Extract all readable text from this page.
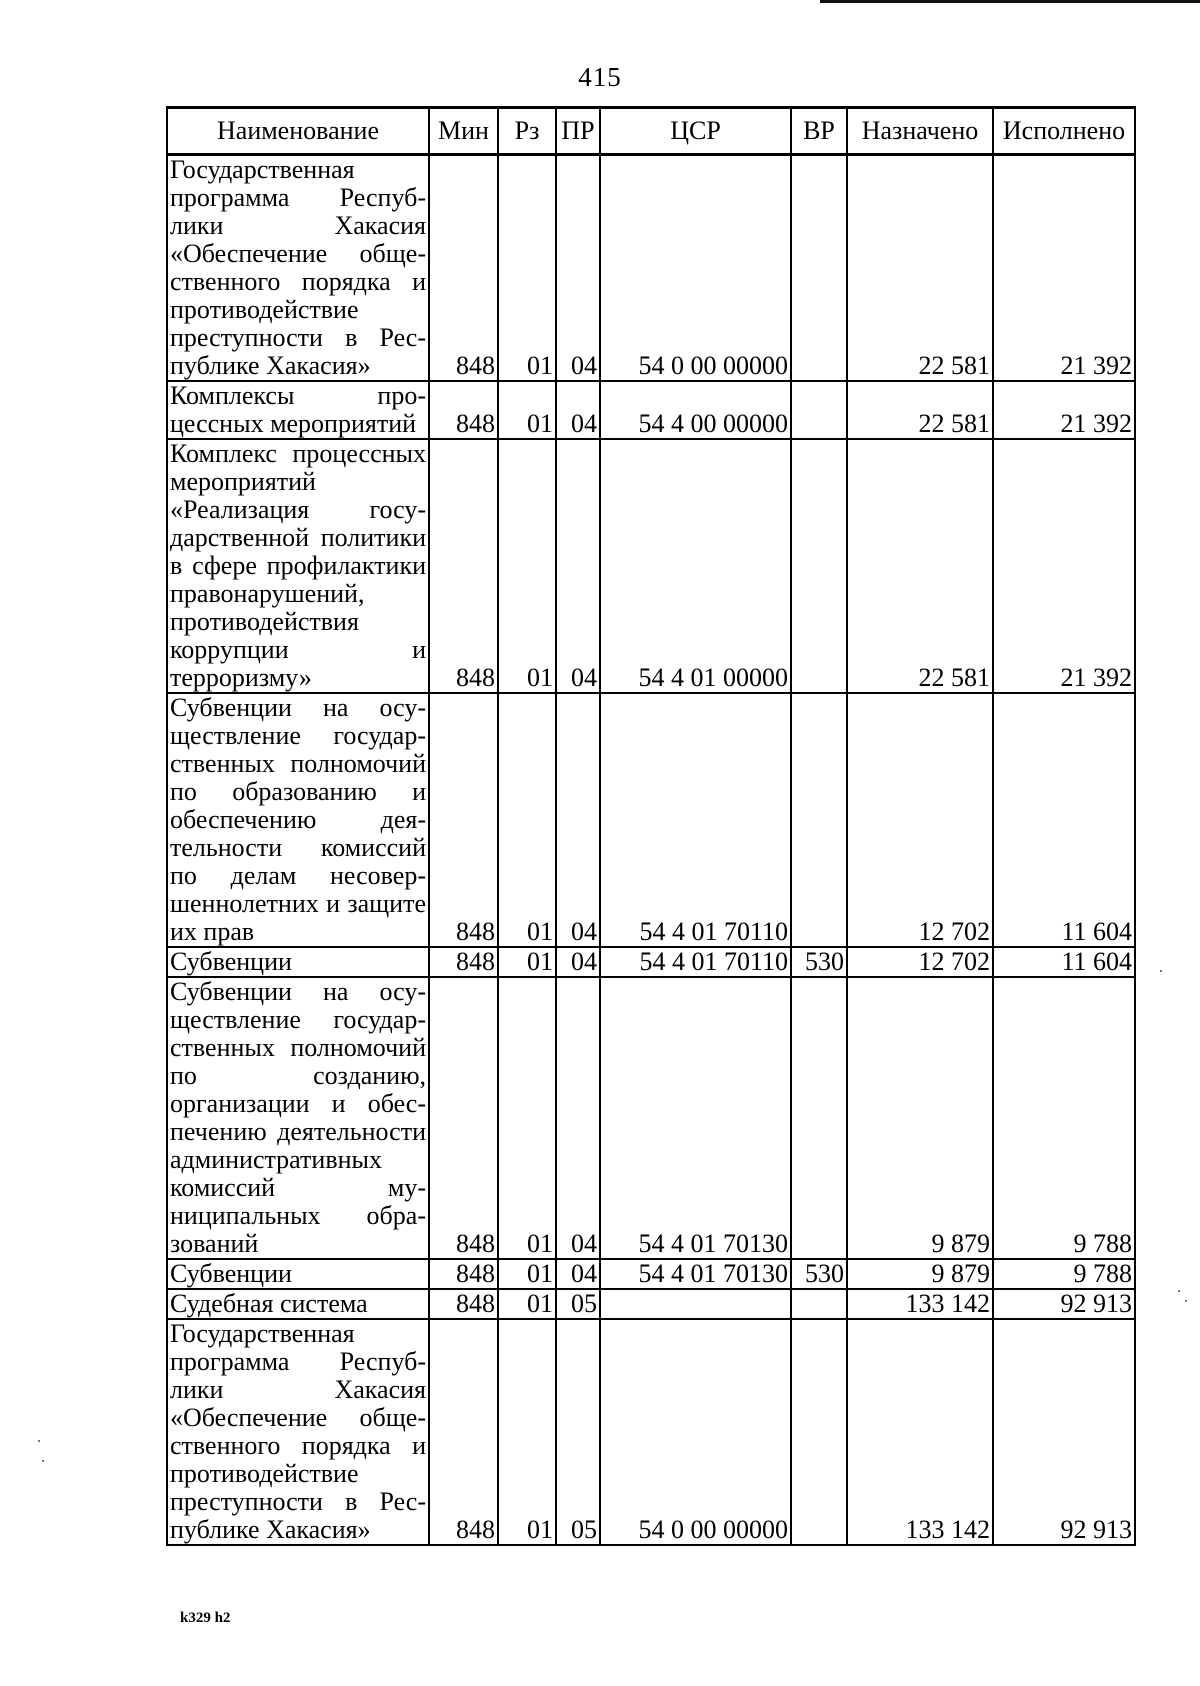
415
Наименование	Мин	Рз	ПР	ЦСР	ВР	Назначено	Исполнено
Государственная программа Республики Хакасия «Обеспечение общественного порядка и противодействие преступности в Республике Хакасия»	848	01	04	54 0 00 00000		22 581	21 392
Комплексы процессных мероприятий	848	01	04	54 4 00 00000		22 581	21 392
Комплекс процессных мероприятий «Реализация государственной политики в сфере профилактики правонарушений, противодействия коррупции и терроризму»	848	01	04	54 4 01 00000		22 581	21 392
Субвенции на осуществление государственных полномочий по образованию и обеспечению деятельности комиссий по делам несовершеннолетних и защите их прав	848	01	04	54 4 01 70110		12 702	11 604
Субвенции	848	01	04	54 4 01 70110	530	12 702	11 604
Субвенции на осуществление государственных полномочий по созданию, организации и обеспечению деятельности административных комиссий муниципальных образований	848	01	04	54 4 01 70130		9 879	9 788
Субвенции	848	01	04	54 4 01 70130	530	9 879	9 788
Судебная система	848	01	05			133 142	92 913
Государственная программа Республики Хакасия «Обеспечение общественного порядка и противодействие преступности в Республике Хакасия»	848	01	05	54 0 00 00000		133 142	92 913
k329 h2
